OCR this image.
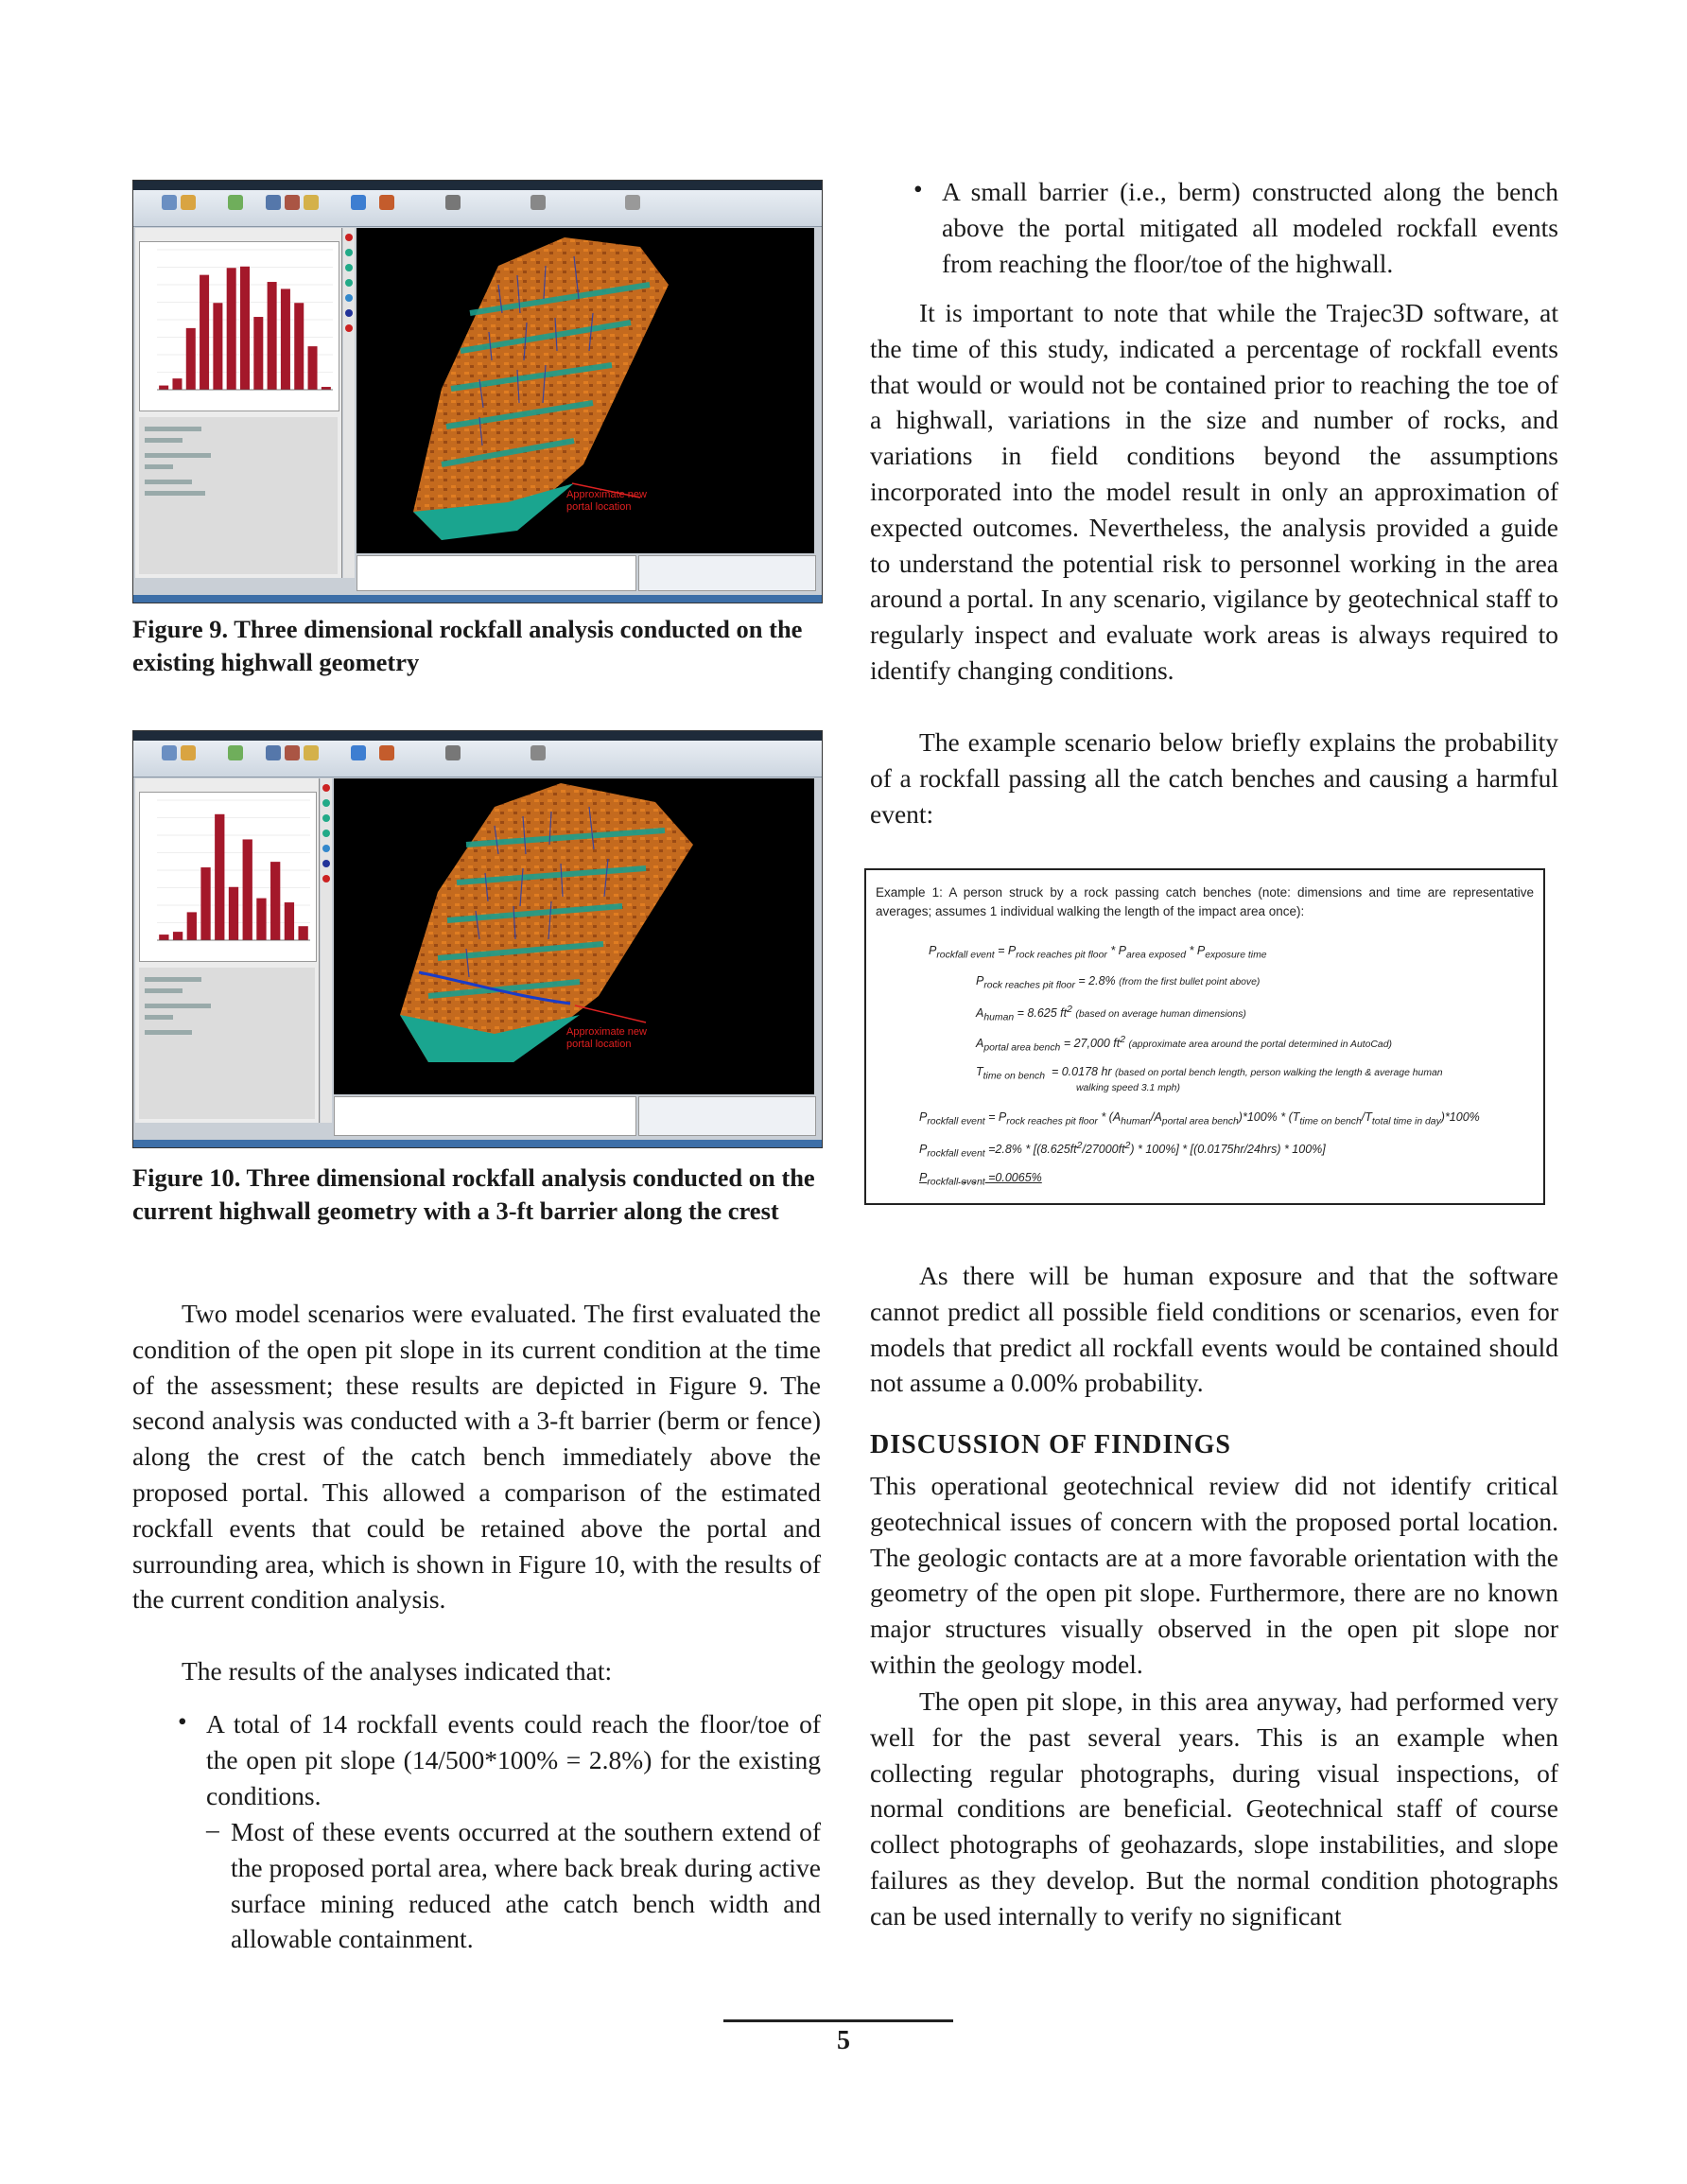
Approximate new
portal location

Figure 9. Three dimensional rockfall analysis conducted on the existing highwall geometry

Approximate new
portal location

Figure 10. Three dimensional rockfall analysis conducted on the current highwall geometry with a 3-ft barrier along the crest

Two model scenarios were evaluated. The first evaluated the condition of the open pit slope in its current condition at the time of the assessment; these results are depicted in Figure 9. The second analysis was conducted with a 3-ft barrier (berm or fence) along the crest of the catch bench immediately above the proposed portal. This allowed a comparison of the estimated rockfall events that could be retained above the portal and surrounding area, which is shown in Figure 10, with the results of the current condition analysis.

The results of the analyses indicated that:

• A total of 14 rockfall events could reach the floor/toe of the open pit slope (14/500*100% = 2.8%) for the existing conditions.

– Most of these events occurred at the southern extend of the proposed portal area, where back break during active surface mining reduced athe catch bench width and allowable containment.

• A small barrier (i.e., berm) constructed along the bench above the portal mitigated all modeled rockfall events from reaching the floor/toe of the highwall.

It is important to note that while the Trajec3D software, at the time of this study, indicated a percentage of rockfall events that would or would not be contained prior to reaching the toe of a highwall, variations in the size and number of rocks, and variations in field conditions beyond the assumptions incorporated into the model result in only an approximation of expected outcomes. Nevertheless, the analysis provided a guide to understand the potential risk to personnel working in the area around a portal. In any scenario, vigilance by geotechnical staff to regularly inspect and evaluate work areas is always required to identify changing conditions.

The example scenario below briefly explains the probability of a rockfall passing all the catch benches and causing a harmful event:

Example 1: A person struck by a rock passing catch benches (note: dimensions and time are representative averages; assumes 1 individual walking the length of the impact area once):
$P_{rockfall event} = P_{rock reaches pit floor} * P_{area exposed} * P_{exposure time}$
$P_{rock reaches pit floor} = 2.8\%$ (from the first bullet point above)
$A_{human} = 8.625$ $ft^2$ (based on average human dimensions)
$A_{portal area bench} = 27,000$ $ft^2$ (approximate area around the portal determined in AutoCad)
$T_{time on bench} = 0.0178$ hr (based on portal bench length, person walking the length & average human
walking speed 3.1 mph)
$P_{rockfall event} = P_{rock reaches pit floor} * (A_{human}/A_{portal area bench})*100\% * (T_{time on bench}/T_{total time in day})*100\%$
$P_{rockfall event} =2.8\% * [(8.625ft^2/27000ft^2) * 100\%] * [(0.0175hr/24hrs) * 100\%]$
$P_{rockfall event} =0.0065\%$

As there will be human exposure and that the software cannot predict all possible field conditions or scenarios, even for models that predict all rockfall events would be contained should not assume a 0.00% probability.

DISCUSSION OF FINDINGS

This operational geotechnical review did not identify critical geotechnical issues of concern with the proposed portal location. The geologic contacts are at a more favorable orientation with the geometry of the open pit slope. Furthermore, there are no known major structures visually observed in the open pit slope nor within the geology model.

The open pit slope, in this area anyway, had performed very well for the past several years. This is an example when collecting regular photographs, during visual inspections, of normal conditions are beneficial. Geotechnical staff of course collect photographs of geohazards, slope instabilities, and slope failures as they develop. But the normal condition photographs can be used internally to verify no significant

5
